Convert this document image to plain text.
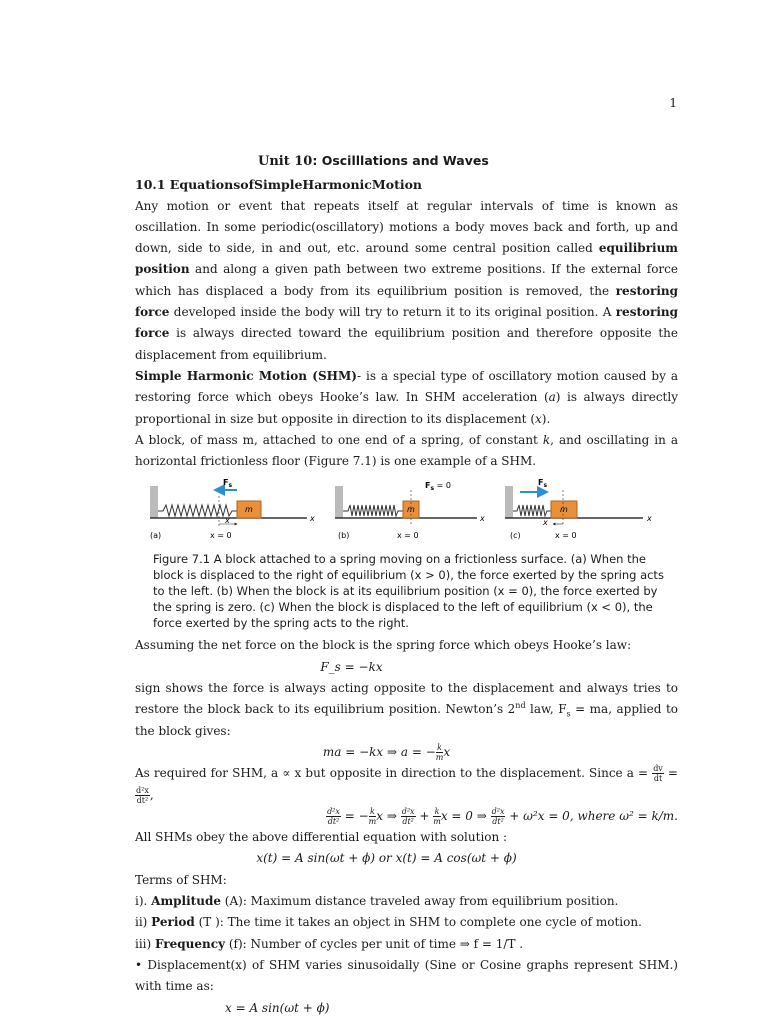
1
Unit 10: Oscilllations and Waves
10.1 EquationsofSimpleHarmonicMotion

Any motion or event that repeats itself at regular intervals of time is known as oscillation. In some periodic(oscillatory) motions a body moves back and forth, up and down, side to side, in and out, etc. around some central position called equilibrium position and along a given path between two extreme positions. If the external force which has displaced a body from its equilibrium position is removed, the restoring force developed inside the body will try to return it to its original position. A restoring force is always directed toward the equilibrium position and therefore opposite the displacement from equilibrium.

Simple Harmonic Motion (SHM)- is a special type of oscillatory motion caused by a restoring force which obeys Hooke’s law. In SHM acceleration (a) is always directly proportional in size but opposite in direction to its displacement (x).

A block, of mass m, attached to one end of a spring, of constant k, and oscillating in a horizontal frictionless floor (Figure 7.1) is one example of a SHM.

m
$F_s$
x	x
(a)	x = 0
m
$F_s = 0$
x
(b)	x = 0
m
$F_s$
x	x
(c)	x = 0
Figure 7.1 A block attached to a spring moving on a frictionless surface. (a) When the block is displaced to the right of equilibrium (x > 0), the force exerted by the spring acts to the left. (b) When the block is at its equilibrium position (x = 0), the force exerted by the spring is zero. (c) When the block is displaced to the left of equilibrium (x < 0), the force exerted by the spring acts to the right.

Assuming the net force on the block is the spring force which obeys Hooke’s law:

F_s = −kx

sign shows the force is always acting opposite to the displacement and always tries to restore the block back to its equilibrium position. Newton’s 2nd law, $F_s$ = ma, applied to the block gives:

ma = −kx ⇒ a = − $\frac{k}{m}$ x

As required for SHM, a ∝ x but opposite in direction to the displacement. Since $a = \frac{dv}{dt}$ =
$\frac{\text{d²x}}{\text{dt²}}$ ,

$\frac{\text{d²x}}{\text{dt²}}$ = − $\frac{k}{m}$ x ⇒ $\frac{\text{d²x}}{\text{dt²}} + \frac{k}{m}$ x = 0 ⇒ $\frac{\text{d²x}}{\text{dt²}} + \omega^2x = 0$, where ω² = k/m.

All SHMs obey the above differential equation with solution :

x(t) = A sin(ωt + ϕ) or x(t) = A cos(ωt + ϕ)

Terms of SHM:

i). Amplitude (A): Maximum distance traveled away from equilibrium position.

ii) Period (T ): The time it takes an object in SHM to complete one cycle of motion.

iii) Frequency (f): Number of cycles per unit of time ⇒ f = 1/T .

• Displacement(x) of SHM varies sinusoidally (Sine or Cosine graphs represent SHM.) with time as:

x = A sin(ωt + ϕ)
